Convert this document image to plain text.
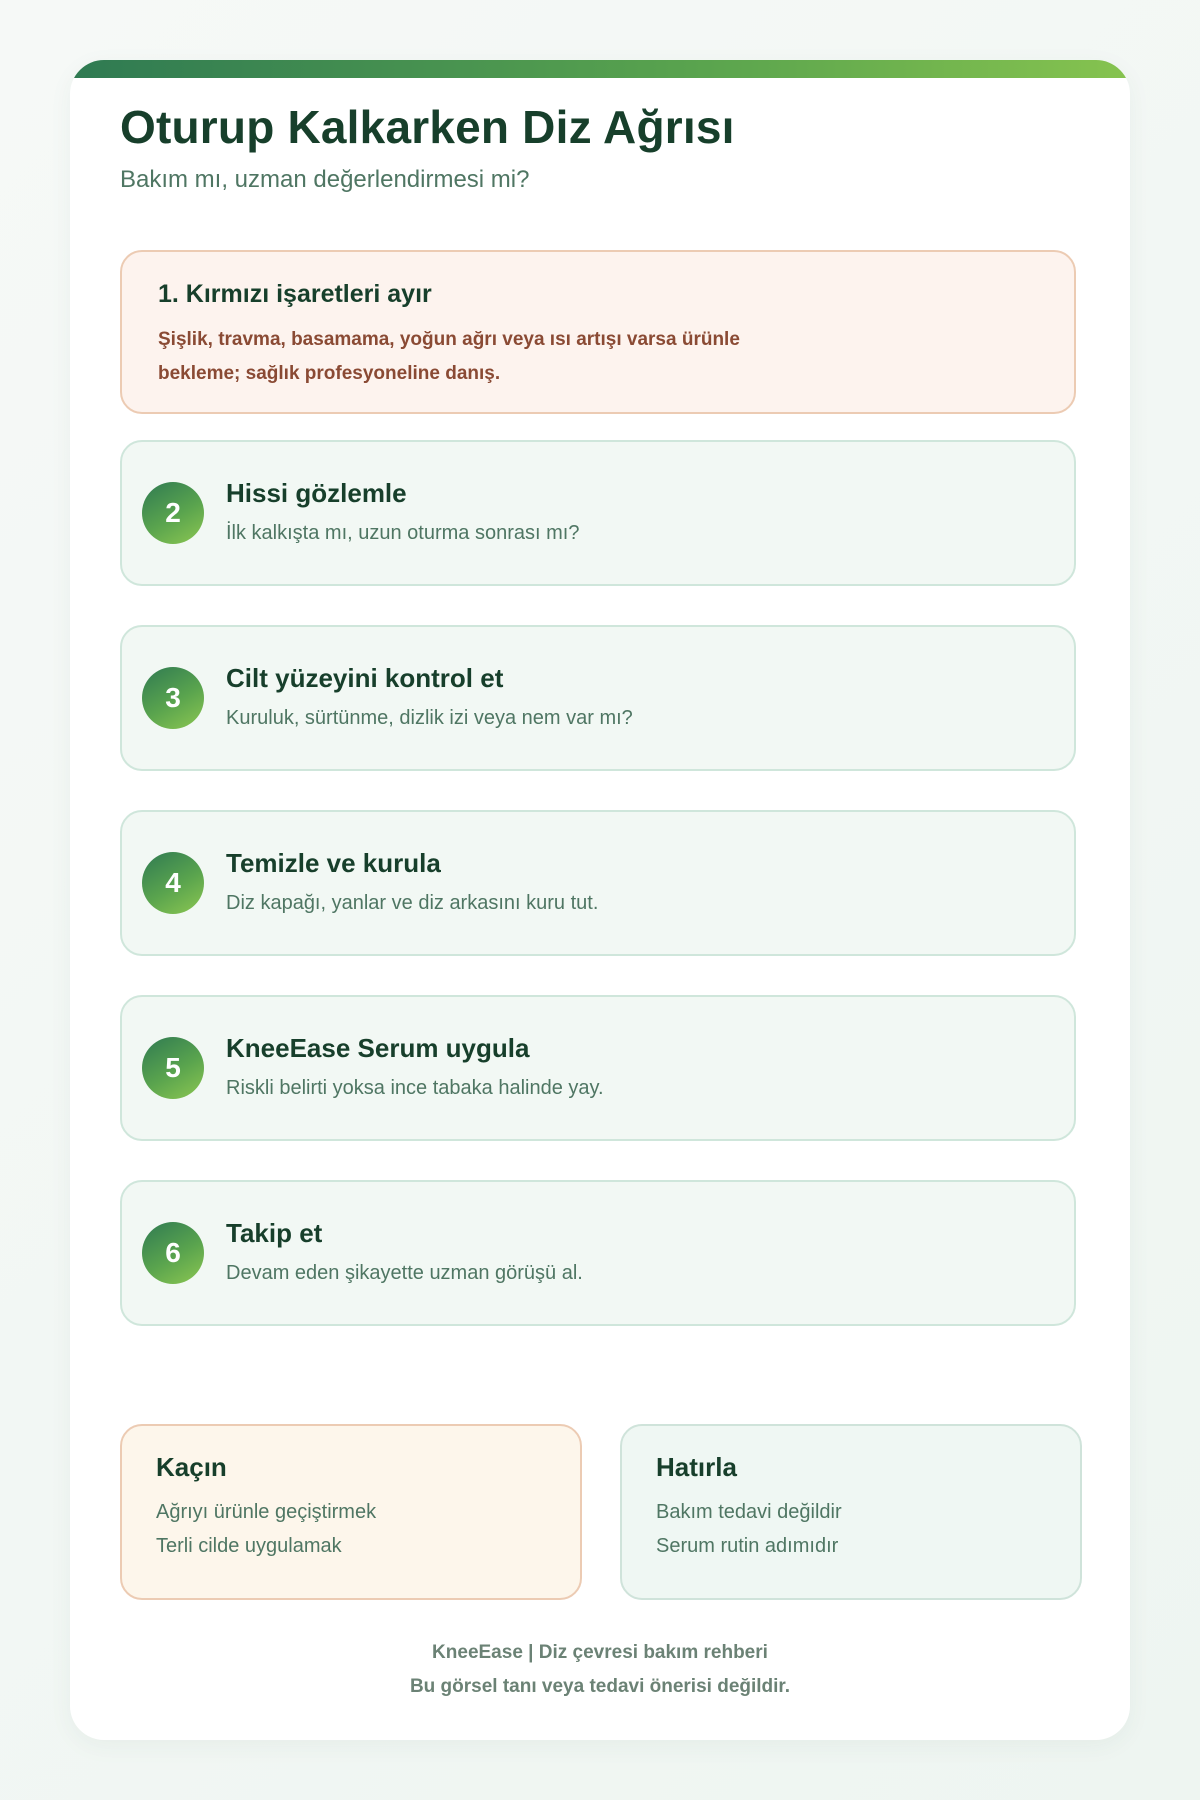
Oturup Kalkarken Diz Ağrısı

Bakım mı, uzman değerlendirmesi mi?

1. Kırmızı işaretleri ayır
Şişlik, travma, basamama, yoğun ağrı veya ısı artışı varsa ürünle bekleme; sağlık profesyoneline danış.
2
Hissi gözlemle
İlk kalkışta mı, uzun oturma sonrası mı?
3
Cilt yüzeyini kontrol et
Kuruluk, sürtünme, dizlik izi veya nem var mı?
4
Temizle ve kurula
Diz kapağı, yanlar ve diz arkasını kuru tut.
5
KneeEase Serum uygula
Riskli belirti yoksa ince tabaka halinde yay.
6
Takip et
Devam eden şikayette uzman görüşü al.
Kaçın
Ağrıyı ürünle geçiştirmek
Terli cilde uygulamak
Hatırla
Bakım tedavi değildir
Serum rutin adımıdır
KneeEase | Diz çevresi bakım rehberi
Bu görsel tanı veya tedavi önerisi değildir.
